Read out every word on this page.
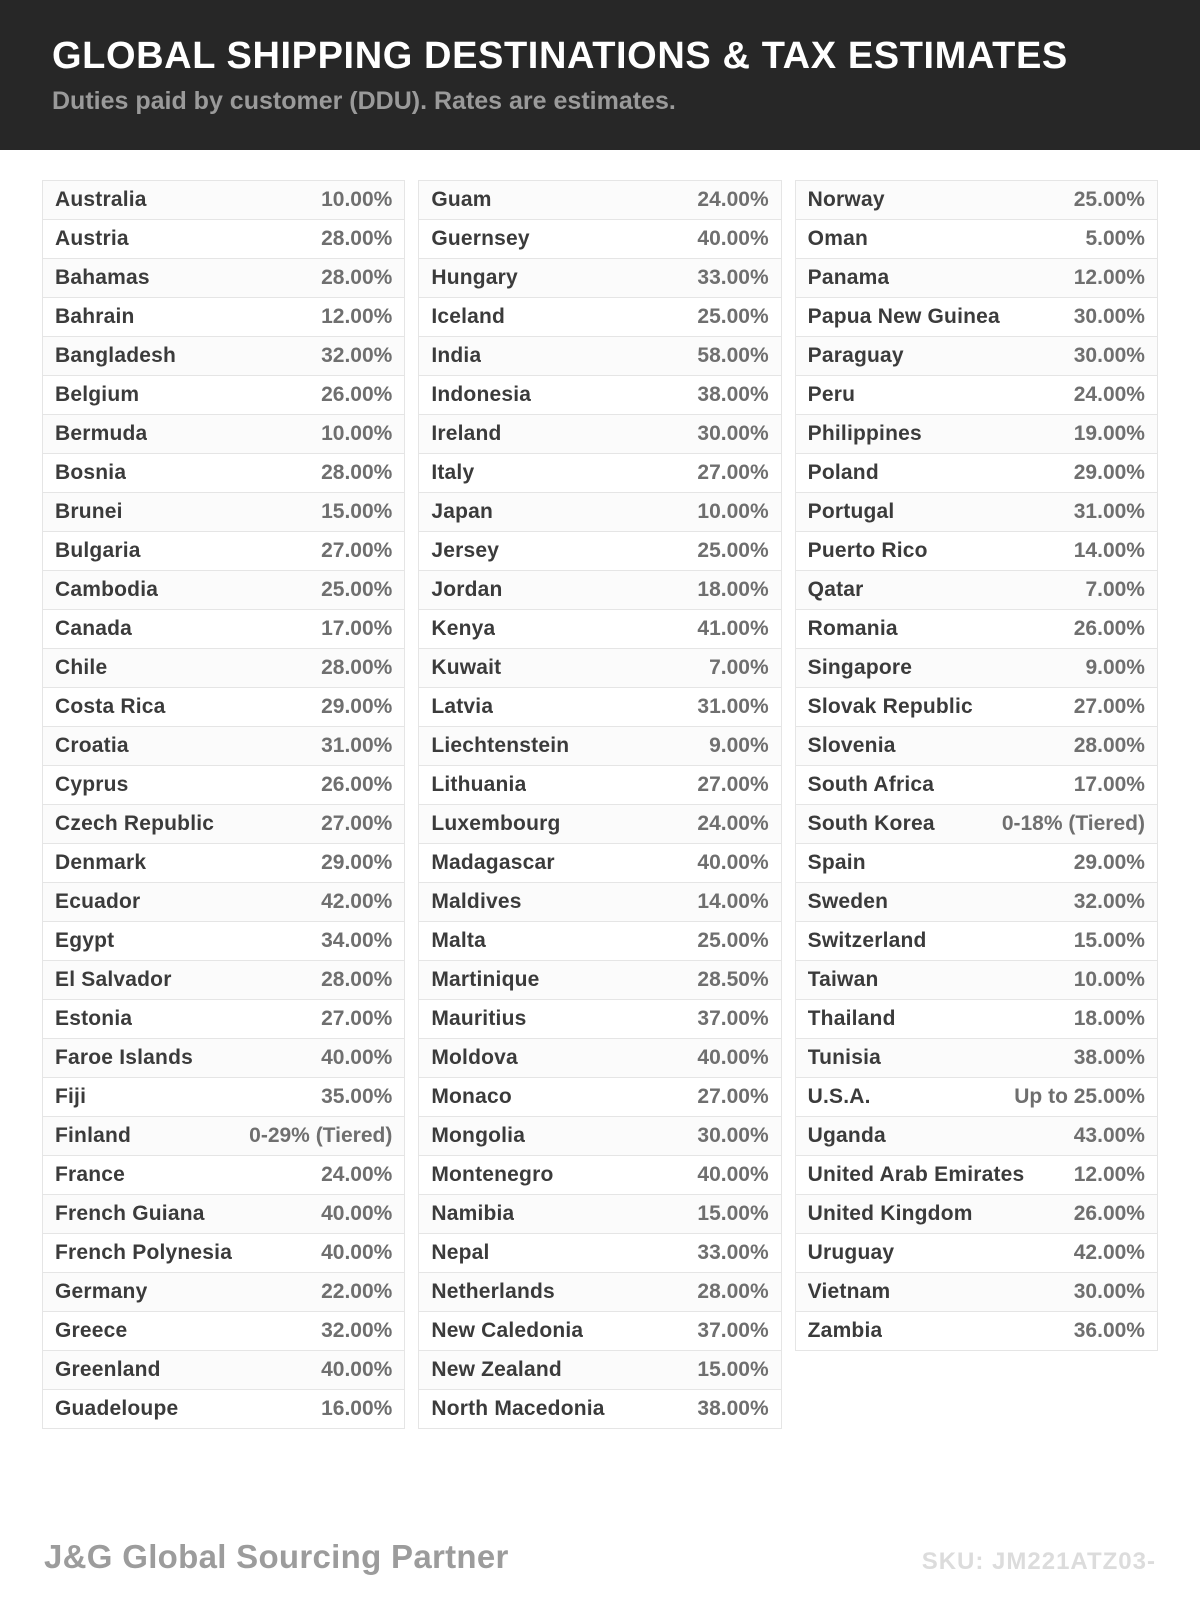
GLOBAL SHIPPING DESTINATIONS & TAX ESTIMATES
Duties paid by customer (DDU). Rates are estimates.
Australia	10.00%
Austria	28.00%
Bahamas	28.00%
Bahrain	12.00%
Bangladesh	32.00%
Belgium	26.00%
Bermuda	10.00%
Bosnia	28.00%
Brunei	15.00%
Bulgaria	27.00%
Cambodia	25.00%
Canada	17.00%
Chile	28.00%
Costa Rica	29.00%
Croatia	31.00%
Cyprus	26.00%
Czech Republic	27.00%
Denmark	29.00%
Ecuador	42.00%
Egypt	34.00%
El Salvador	28.00%
Estonia	27.00%
Faroe Islands	40.00%
Fiji	35.00%
Finland	0-29% (Tiered)
France	24.00%
French Guiana	40.00%
French Polynesia	40.00%
Germany	22.00%
Greece	32.00%
Greenland	40.00%
Guadeloupe	16.00%
Guam	24.00%
Guernsey	40.00%
Hungary	33.00%
Iceland	25.00%
India	58.00%
Indonesia	38.00%
Ireland	30.00%
Italy	27.00%
Japan	10.00%
Jersey	25.00%
Jordan	18.00%
Kenya	41.00%
Kuwait	7.00%
Latvia	31.00%
Liechtenstein	9.00%
Lithuania	27.00%
Luxembourg	24.00%
Madagascar	40.00%
Maldives	14.00%
Malta	25.00%
Martinique	28.50%
Mauritius	37.00%
Moldova	40.00%
Monaco	27.00%
Mongolia	30.00%
Montenegro	40.00%
Namibia	15.00%
Nepal	33.00%
Netherlands	28.00%
New Caledonia	37.00%
New Zealand	15.00%
North Macedonia	38.00%
Norway	25.00%
Oman	5.00%
Panama	12.00%
Papua New Guinea	30.00%
Paraguay	30.00%
Peru	24.00%
Philippines	19.00%
Poland	29.00%
Portugal	31.00%
Puerto Rico	14.00%
Qatar	7.00%
Romania	26.00%
Singapore	9.00%
Slovak Republic	27.00%
Slovenia	28.00%
South Africa	17.00%
South Korea	0-18% (Tiered)
Spain	29.00%
Sweden	32.00%
Switzerland	15.00%
Taiwan	10.00%
Thailand	18.00%
Tunisia	38.00%
U.S.A.	Up to 25.00%
Uganda	43.00%
United Arab Emirates 12.00%
United Kingdom	26.00%
Uruguay	42.00%
Vietnam	30.00%
Zambia	36.00%
J&G Global Sourcing Partner	SKU: JM221ATZ03-
